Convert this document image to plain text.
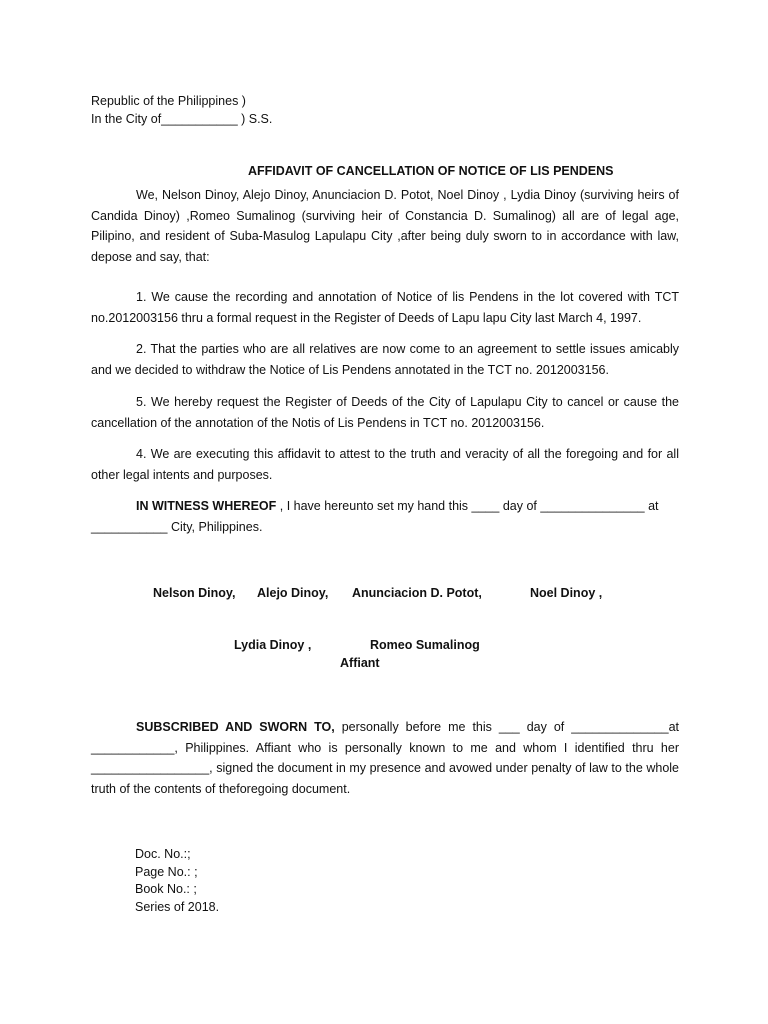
Republic of the Philippines )
In the City of___________ ) S.S.
AFFIDAVIT OF CANCELLATION OF NOTICE OF LIS PENDENS

We, Nelson Dinoy, Alejo Dinoy, Anunciacion D. Potot, Noel Dinoy , Lydia Dinoy (surviving heirs of Candida Dinoy) ,Romeo Sumalinog (surviving heir of Constancia D. Sumalinog) all are of legal age, Pilipino, and resident of Suba-Masulog Lapulapu City ,after being duly sworn to in accordance with law, depose and say, that:

1. We cause the recording and annotation of Notice of lis Pendens in the lot covered with TCT no.2012003156 thru a formal request in the Register of Deeds of Lapu lapu City last March 4, 1997.

2. That the parties who are all relatives are now come to an agreement to settle issues amicably and we decided to withdraw the Notice of Lis Pendens annotated in the TCT no. 2012003156.

5. We hereby request the Register of Deeds of the City of Lapulapu City to cancel or cause the cancellation of the annotation of the Notis of Lis Pendens in TCT no. 2012003156.

4. We are executing this affidavit to attest to the truth and veracity of all the foregoing and for all other legal intents and purposes.

IN WITNESS WHEREOF , I have hereunto set my hand this ____ day of _______________ at ___________ City, Philippines.

Nelson Dinoy, Alejo Dinoy, Anunciacion D. Potot,	Noel Dinoy ,
Lydia Dinoy ,	Romeo Sumalinog
Affiant

SUBSCRIBED AND SWORN TO, personally before me this ___ day of ______________at ____________, Philippines. Affiant who is personally known to me and whom I identified thru her _________________, signed the document in my presence and avowed under penalty of law to the whole truth of the contents of theforegoing document.

Doc. No.:;
Page No.: ;
Book No.: ;
Series of 2018.
